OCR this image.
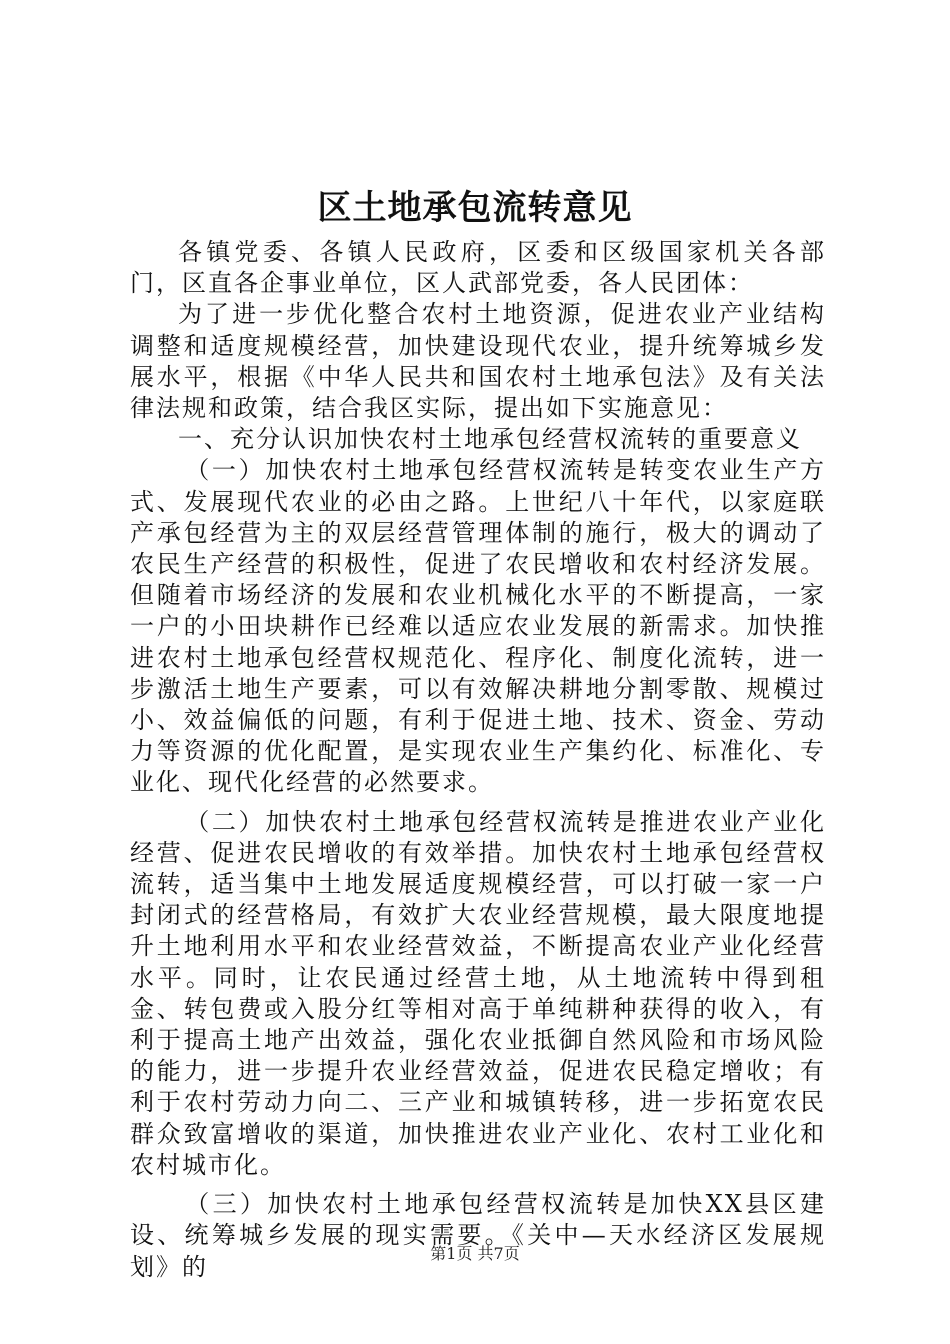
区土地承包流转意见

各镇党委、各镇人民政府，区委和区级国家机关各部门，区直各企事业单位，区人武部党委，各人民团体：

为了进一步优化整合农村土地资源，促进农业产业结构调整和适度规模经营，加快建设现代农业，提升统筹城乡发展水平，根据《中华人民共和国农村土地承包法》及有关法律法规和政策，结合我区实际，提出如下实施意见：

一、充分认识加快农村土地承包经营权流转的重要意义

（一）加快农村土地承包经营权流转是转变农业生产方式、发展现代农业的必由之路。上世纪八十年代，以家庭联产承包经营为主的双层经营管理体制的施行，极大的调动了农民生产经营的积极性，促进了农民增收和农村经济发展。但随着市场经济的发展和农业机械化水平的不断提高，一家一户的小田块耕作已经难以适应农业发展的新需求。加快推进农村土地承包经营权规范化、程序化、制度化流转，进一步激活土地生产要素，可以有效解决耕地分割零散、规模过小、效益偏低的问题，有利于促进土地、技术、资金、劳动力等资源的优化配置，是实现农业生产集约化、标准化、专业化、现代化经营的必然要求。

（二）加快农村土地承包经营权流转是推进农业产业化经营、促进农民增收的有效举措。加快农村土地承包经营权流转，适当集中土地发展适度规模经营，可以打破一家一户封闭式的经营格局，有效扩大农业经营规模，最大限度地提升土地利用水平和农业经营效益，不断提高农业产业化经营水平。同时，让农民通过经营土地，从土地流转中得到租金、转包费或入股分红等相对高于单纯耕种获得的收入，有利于提高土地产出效益，强化农业抵御自然风险和市场风险的能力，进一步提升农业经营效益，促进农民稳定增收；有利于农村劳动力向二、三产业和城镇转移，进一步拓宽农民群众致富增收的渠道，加快推进农业产业化、农村工业化和农村城市化。

（三）加快农村土地承包经营权流转是加快XX县区建设、统筹城乡发展的现实需要。《关中—天水经济区发展规划》的	第1页 共7页
